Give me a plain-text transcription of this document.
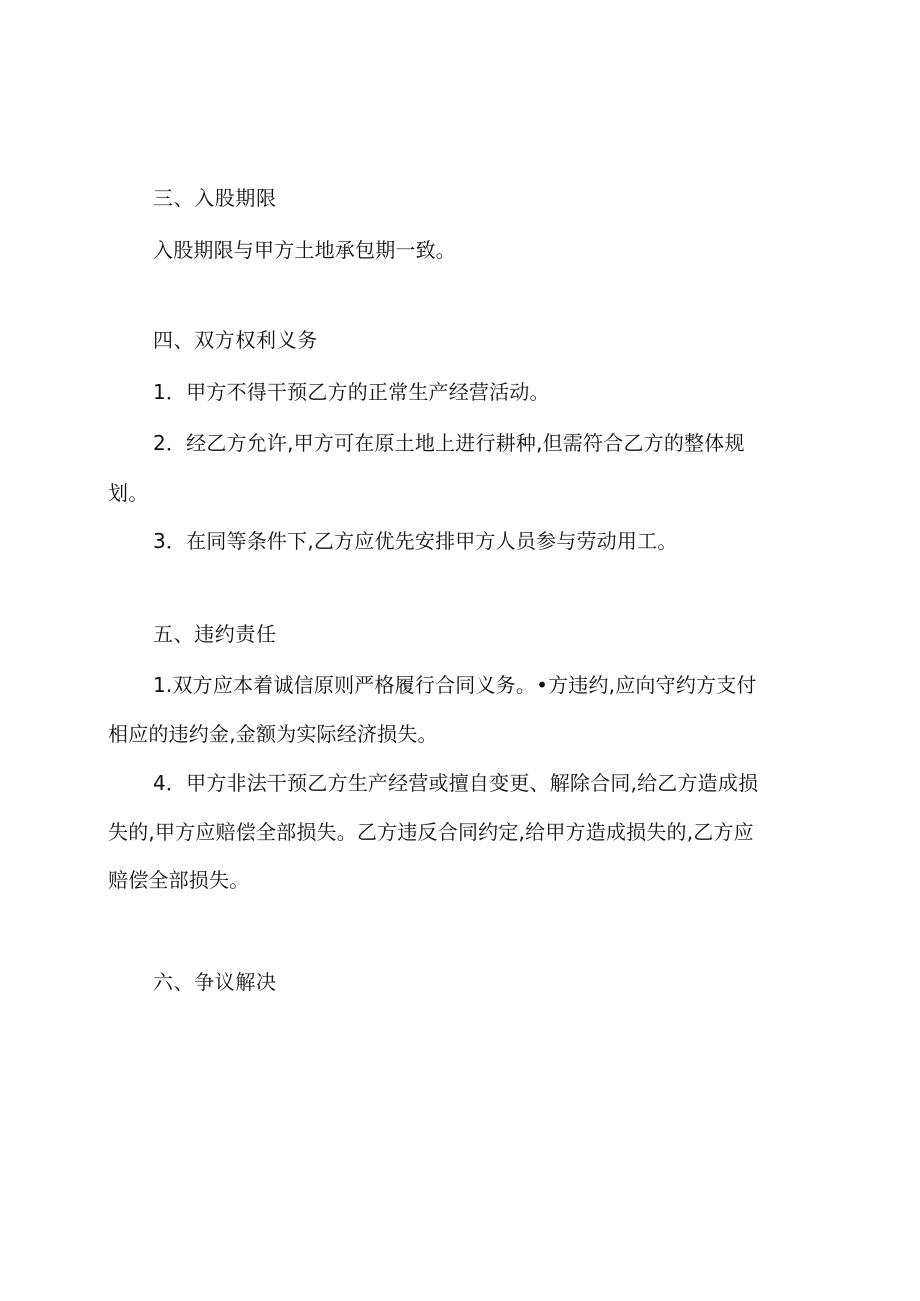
三、入股期限
入股期限与甲方土地承包期一致。
四、双方权利义务
1．甲方不得干预乙方的正常生产经营活动。
2．经乙方允许,甲方可在原土地上进行耕种,但需符合乙方的整体规
划。
3．在同等条件下,乙方应优先安排甲方人员参与劳动用工。
五、违约责任
1.双方应本着诚信原则严格履行合同义务。•方违约,应向守约方支付
相应的违约金,金额为实际经济损失。
4．甲方非法干预乙方生产经营或擅自变更、解除合同,给乙方造成损
失的,甲方应赔偿全部损失。乙方违反合同约定,给甲方造成损失的,乙方应
赔偿全部损失。
六、争议解决
